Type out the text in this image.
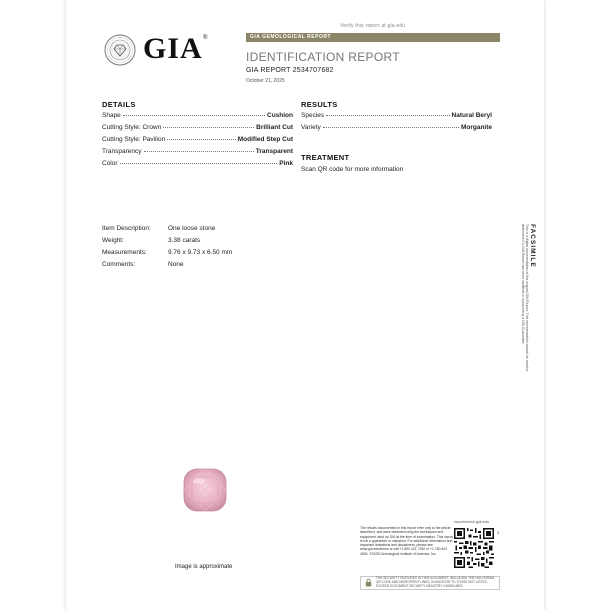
Verify this report at gia.edu
GIA ®	GIA GEMOLOGICAL REPORT
IDENTIFICATION REPORT
GIA REPORT 2534707682
October 21, 2025
DETAILS
Shape	Cushion
Cutting Style: Crown	Brilliant Cut
Cutting Style: Pavilion	Modified Step Cut
Transparency	Transparent
Color	Pink
RESULTS
Species	Natural Beryl
Variety	Morganite
TREATMENT
Scan QR code for more information
Item Description:	One loose stone
Weight:	3.38 carats
Measurements:	9.76 x 9.73 x 6.50 mm
Comments:	None	FACSIMILE
This is a digital representation of the original GIA Report. This representation cannot be used to determine if a GIA Report has been modified or replaced by a GIA Guarantee.
Image is approximate
The results documented in this report refer only to the article described, and were obtained using the techniques and equipment used by GIA at the time of examination. This report is not a guarantee or valuation. For additional information and important limitations and disclaimers, please see www.gia.edu/terms or call +1 800 421 7250 or +1 760 603 4500. ©2025 Gemological Institute of America, Inc.
reportcheck.gia.edu
2
THE SECURITY FEATURES IN THIS DOCUMENT, INCLUDING THE HOLOGRAM, QR CODE AND MICROPRINT LINES, IN ADDITION TO THOSE NOT LISTED, EXCEED DOCUMENT SECURITY INDUSTRY GUIDELINES.
